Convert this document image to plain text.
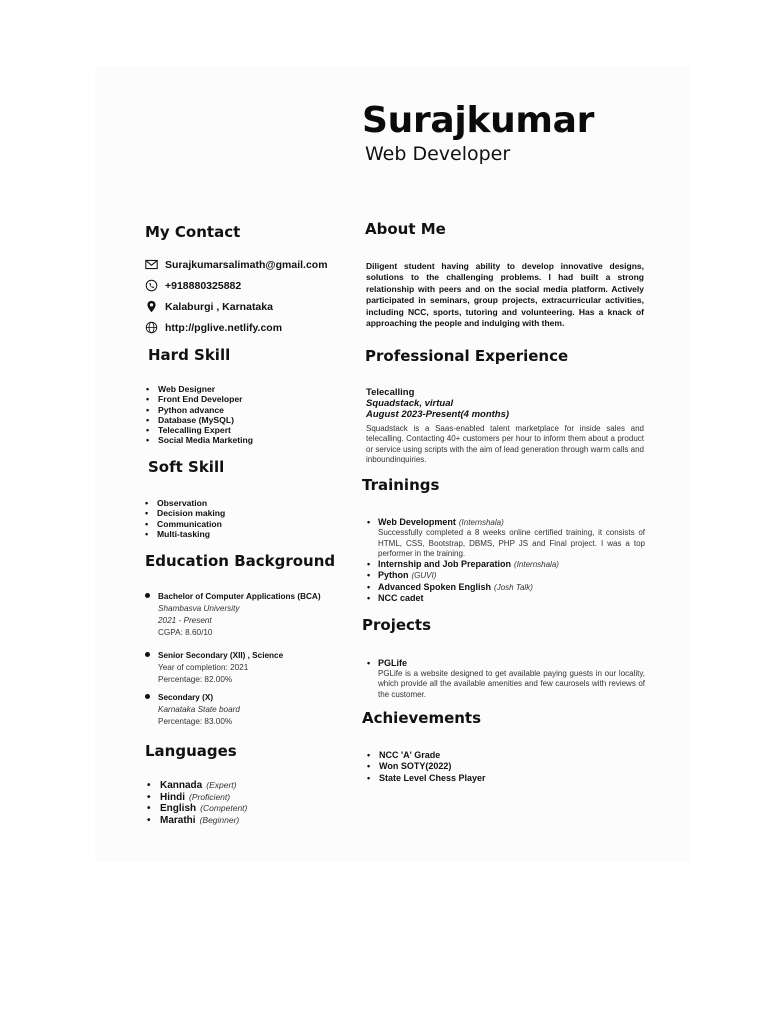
Surajkumar
Web Developer
My Contact
Surajkumarsalimath@gmail.com
+918880325882
Kalaburgi , Karnataka
http://pglive.netlify.com
Hard Skill
• Web Designer
• Front End Developer
• Python advance
• Database (MySQL)
• Telecalling Expert
• Social Media Marketing
Soft Skill
• Observation
• Decision making
• Communication
• Multi-tasking
Education Background
Bachelor of Computer Applications (BCA)
Shambasva University
2021 - Present
CGPA: 8.60/10
Senior Secondary (XII) , Science
Year of completion: 2021
Percentage: 82.00%
Secondary (X)
Karnataka State board
Percentage: 83.00%
Languages
• Kannada (Expert)
• Hindi (Proficient)
• English (Competent)
• Marathi (Beginner)
About Me
Diligent student having ability to develop innovative designs, solutions to the challenging problems. I had built a strong relationship with peers and on the social media platform. Actively participated in seminars, group projects, extracurricular activities, including NCC, sports, tutoring and volunteering. Has a knack of approaching the people and indulging with them.
Professional Experience
Telecalling
Squadstack, virtual
August 2023-Present(4 months)
Squadstack is a Saas-enabled talent marketplace for inside sales and telecalling. Contacting 40+ customers per hour to inform them about a product or service using scripts with the aim of lead generation through warm calls and inboundinquiries.
Trainings
• Web Development (Internshala)
Successfully completed a 8 weeks online certified training, it consists of HTML, CSS, Bootstrap, DBMS, PHP JS and Final project. I was a top performer in the training.
• Internship and Job Preparation (Internshala)
• Python (GUVI)
• Advanced Spoken English (Josh Talk)
• NCC cadet
Projects
• PGLife
PGLife is a website designed to get available paying guests in our locality, which provide all the available amenities and few caurosels with reviews of the customer.
Achievements
• NCC 'A' Grade
• Won SOTY(2022)
• State Level Chess Player
